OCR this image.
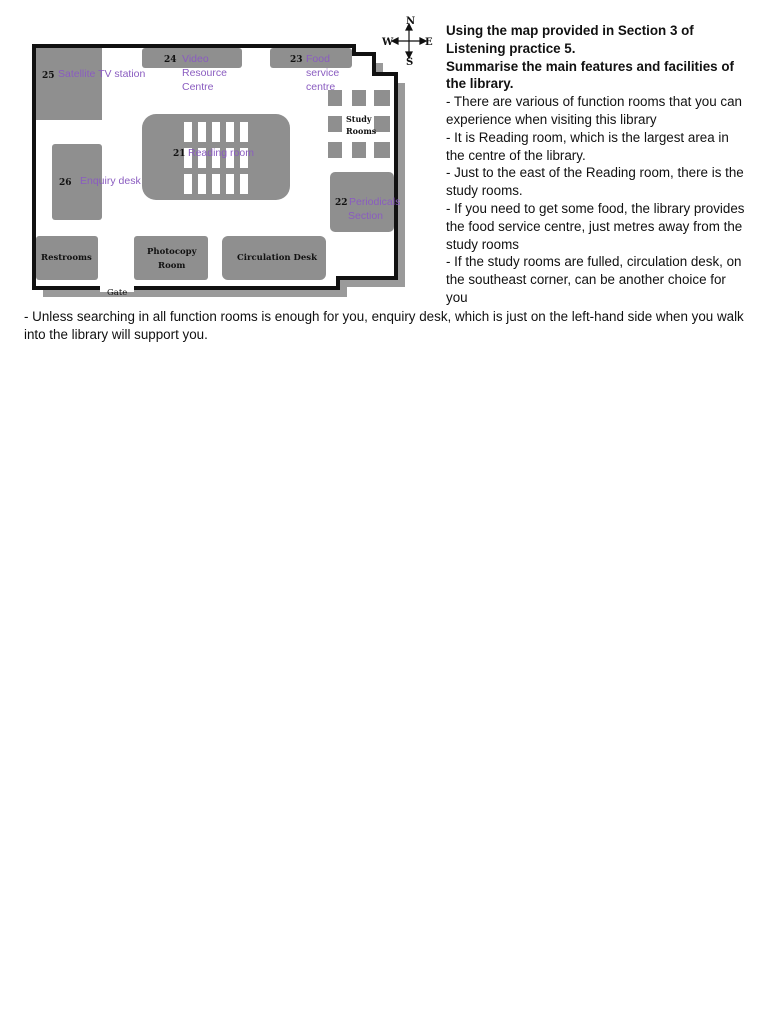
N
S
E
W
25 Satellite TV station
24 Video
Resource
Centre
23 Food
service
centre
21 Reading room
26 Enquiry desk
Study
Rooms
22 Periodicals
Section
Restrooms
Photocopy
Room
Circulation Desk
Gate

Using the map provided in Section 3 of

Listening practice 5.

Summarise the main features and facilities of

the library.

- There are various of function rooms that you can experience when visiting this library

- It is Reading room, which is the largest area in the centre of the library.

- Just to the east of the Reading room, there is the study rooms.

- If you need to get some food, the library provides the food service centre, just metres away from the study rooms

- If the study rooms are fulled, circulation desk, on the southeast corner, can be another choice for you

- Unless searching in all function rooms is enough for you, enquiry desk, which is just on the left-hand side when you walk into the library will support you.
